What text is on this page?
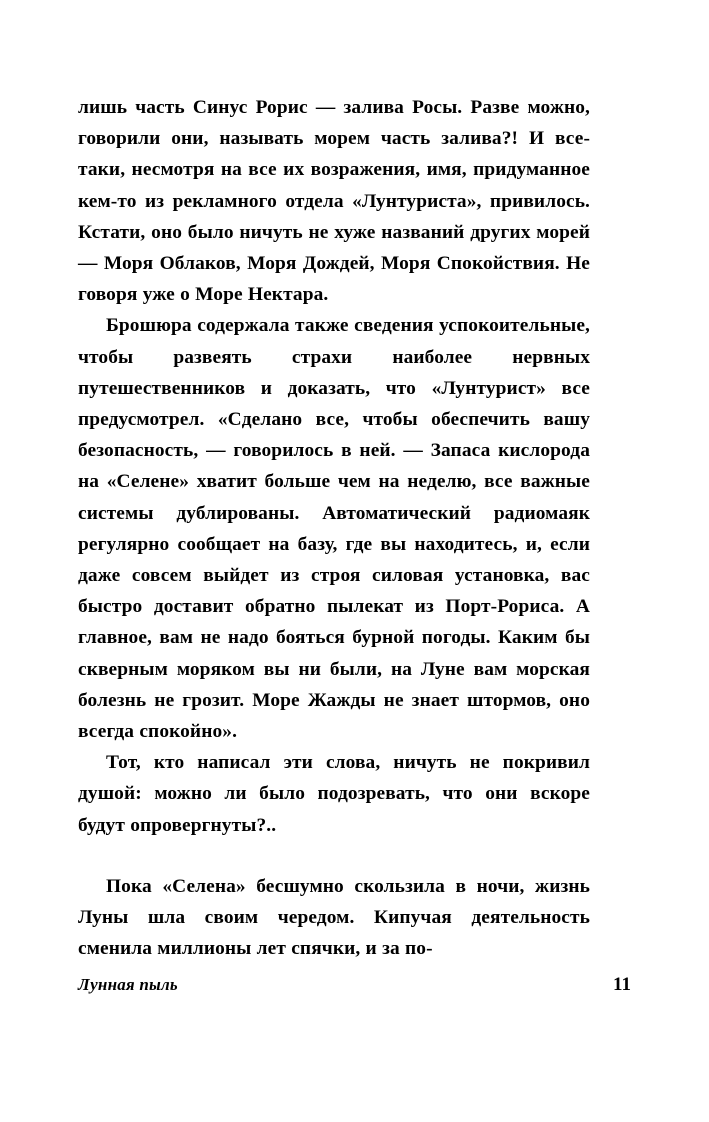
лишь часть Синус Рорис — залива Росы. Разве можно, говорили они, называть морем часть залива?! И все-таки, несмотря на все их возражения, имя, придуманное кем-то из рекламного отдела «Лунтуриста», привилось. Кстати, оно было ничуть не хуже названий других морей — Моря Облаков, Моря Дождей, Моря Спокойствия. Не говоря уже о Море Нектара.

Брошюра содержала также сведения успокоительные, чтобы развеять страхи наиболее нервных путешественников и доказать, что «Лунтурист» все предусмотрел. «Сделано все, чтобы обеспечить вашу безопасность, — говорилось в ней. — Запаса кислорода на «Селене» хватит больше чем на неделю, все важные системы дублированы. Автоматический радиомаяк регулярно сообщает на базу, где вы находитесь, и, если даже совсем выйдет из строя силовая установка, вас быстро доставит обратно пылекат из Порт-Рориса. А главное, вам не надо бояться бурной погоды. Каким бы скверным моряком вы ни были, на Луне вам морская болезнь не грозит. Море Жажды не знает штормов, оно всегда спокойно».

Тот, кто написал эти слова, ничуть не покривил душой: можно ли было подозревать, что они вскоре будут опровергнуты?..

Пока «Селена» бесшумно скользила в ночи, жизнь Луны шла своим чередом. Кипучая деятельность сменила миллионы лет спячки, и за по-

Лунная пыль	11
